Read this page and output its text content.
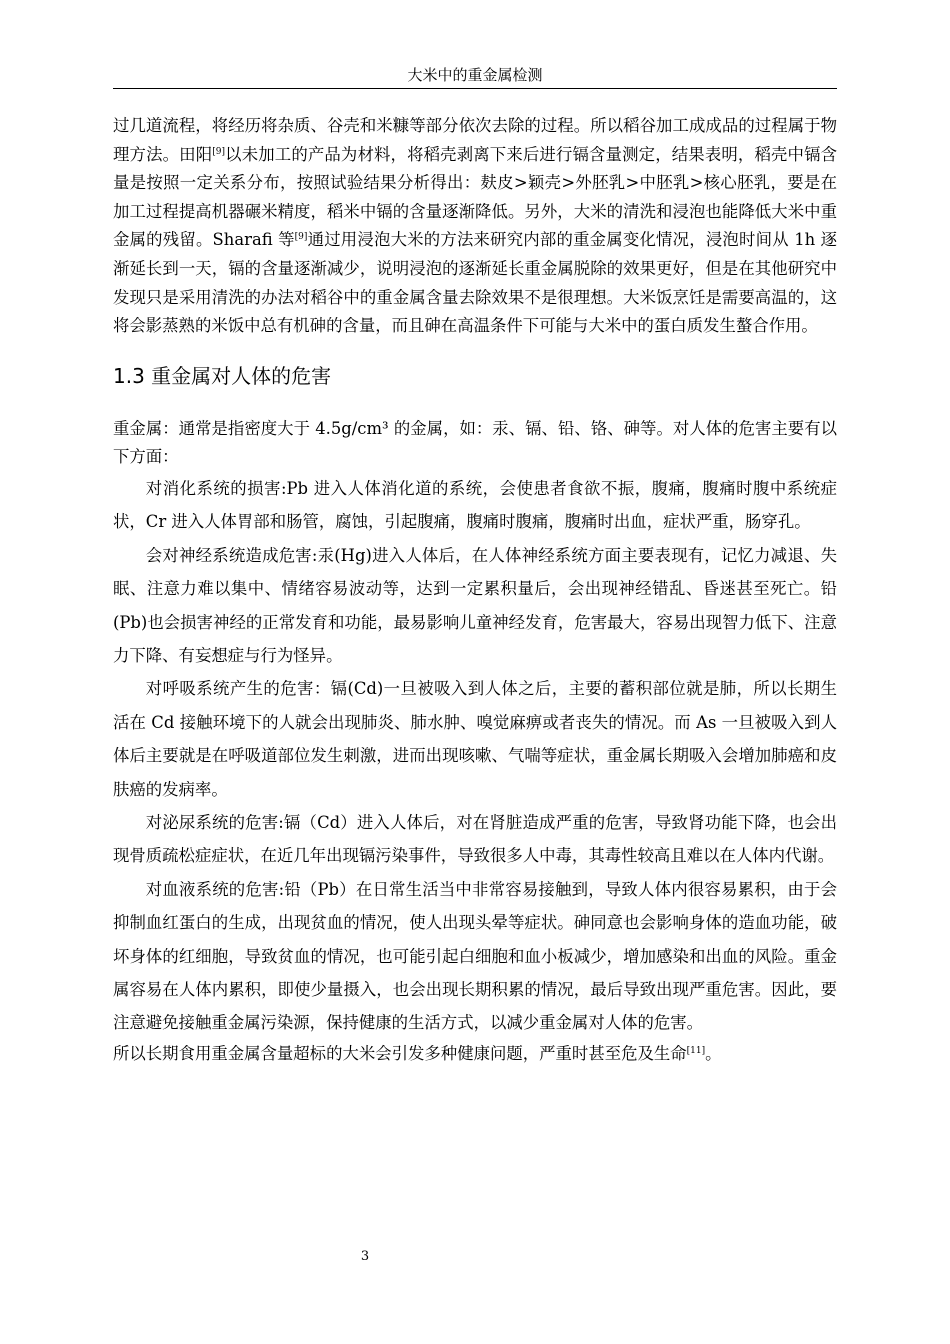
大米中的重金属检测

过几道流程，将经历将杂质、谷壳和米糠等部分依次去除的过程。所以稻谷加工成成品的过程属于物理方法。田阳[9]以未加工的产品为材料，将稻壳剥离下来后进行镉含量测定，结果表明，稻壳中镉含量是按照一定关系分布，按照试验结果分析得出：麸皮>颖壳>外胚乳>中胚乳>核心胚乳，要是在加工过程提高机器碾米精度，稻米中镉的含量逐渐降低。另外，大米的清洗和浸泡也能降低大米中重金属的残留。Sharafi 等[9]通过用浸泡大米的方法来研究内部的重金属变化情况，浸泡时间从 1h 逐渐延长到一天，镉的含量逐渐减少，说明浸泡的逐渐延长重金属脱除的效果更好，但是在其他研究中发现只是采用清洗的办法对稻谷中的重金属含量去除效果不是很理想。大米饭烹饪是需要高温的，这将会影蒸熟的米饭中总有机砷的含量，而且砷在高温条件下可能与大米中的蛋白质发生螯合作用。

1.3 重金属对人体的危害

重金属：通常是指密度大于 4.5g/cm³ 的金属，如：汞、镉、铅、铬、砷等。对人体的危害主要有以下方面：

对消化系统的损害:Pb 进入人体消化道的系统，会使患者食欲不振，腹痛，腹痛时腹中系统症状，Cr 进入人体胃部和肠管，腐蚀，引起腹痛，腹痛时腹痛，腹痛时出血，症状严重，肠穿孔。

会对神经系统造成危害:汞(Hg)进入人体后，在人体神经系统方面主要表现有，记忆力减退、失眠、注意力难以集中、情绪容易波动等，达到一定累积量后，会出现神经错乱、昏迷甚至死亡。铅(Pb)也会损害神经的正常发育和功能，最易影响儿童神经发育，危害最大，容易出现智力低下、注意力下降、有妄想症与行为怪异。

对呼吸系统产生的危害：镉(Cd)一旦被吸入到人体之后，主要的蓄积部位就是肺，所以长期生活在 Cd 接触环境下的人就会出现肺炎、肺水肿、嗅觉麻痹或者丧失的情况。而 As 一旦被吸入到人体后主要就是在呼吸道部位发生刺激，进而出现咳嗽、气喘等症状，重金属长期吸入会增加肺癌和皮肤癌的发病率。

对泌尿系统的危害:镉（Cd）进入人体后，对在肾脏造成严重的危害，导致肾功能下降，也会出现骨质疏松症症状，在近几年出现镉污染事件，导致很多人中毒，其毒性较高且难以在人体内代谢。

对血液系统的危害:铅（Pb）在日常生活当中非常容易接触到，导致人体内很容易累积，由于会抑制血红蛋白的生成，出现贫血的情况，使人出现头晕等症状。砷同意也会影响身体的造血功能，破坏身体的红细胞，导致贫血的情况，也可能引起白细胞和血小板减少，增加感染和出血的风险。重金属容易在人体内累积，即使少量摄入，也会出现长期积累的情况，最后导致出现严重危害。因此，要注意避免接触重金属污染源，保持健康的生活方式，以减少重金属对人体的危害。

所以长期食用重金属含量超标的大米会引发多种健康问题，严重时甚至危及生命[11]。

3
